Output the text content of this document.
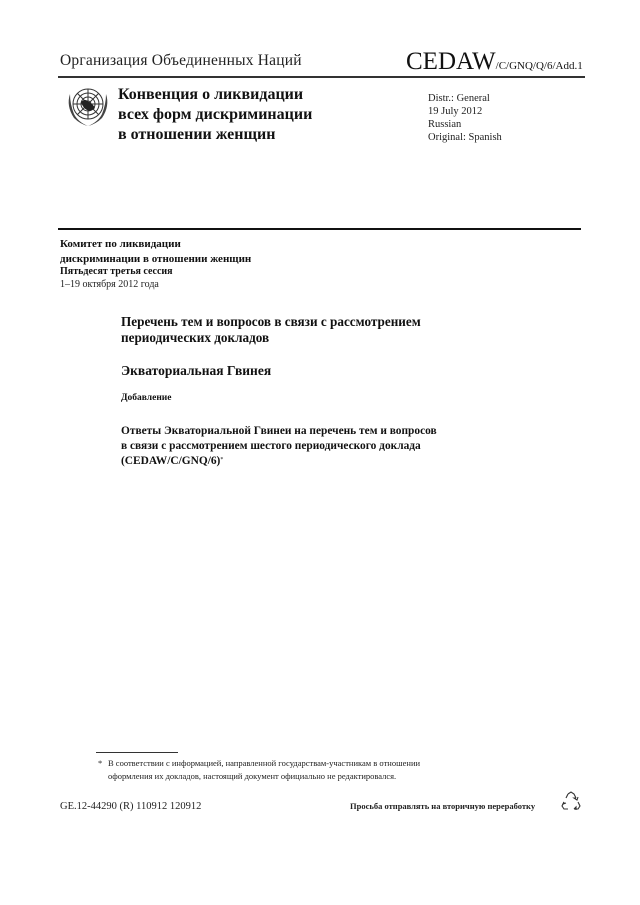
Организация Объединенных Наций	CEDAW/C/GNQ/Q/6/Add.1
Конвенция о ликвидации
всех форм дискриминации
в отношении женщин
Distr.: General
19 July 2012
Russian
Original: Spanish
Комитет по ликвидации
дискриминации в отношении женщин
Пятьдесят третья сессия
1–19 октября 2012 года
Перечень тем и вопросов в связи с рассмотрением
периодических докладов
Экваториальная Гвинея
Добавление
Ответы Экваториальной Гвинеи на перечень тем и вопросов
в связи с рассмотрением шестого периодического доклада
(CEDAW/C/GNQ/6)*
* В соответствии с информацией, направленной государствам-участникам в отношении
оформления их докладов, настоящий документ официально не редактировался.
GE.12-44290 (R) 110912 120912	Просьба отправлять на вторичную переработку
